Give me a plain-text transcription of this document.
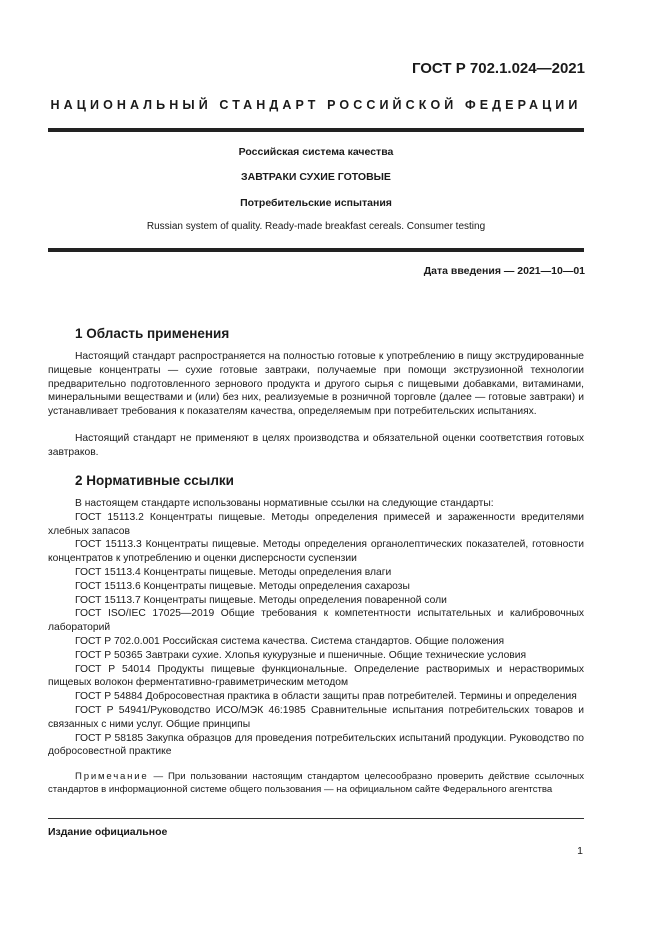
ГОСТ Р 702.1.024—2021
НАЦИОНАЛЬНЫЙ СТАНДАРТ РОССИЙСКОЙ ФЕДЕРАЦИИ
Российская система качества
ЗАВТРАКИ СУХИЕ ГОТОВЫЕ
Потребительские испытания
Russian system of quality. Ready-made breakfast cereals. Consumer testing
Дата введения — 2021—10—01
1 Область применения

Настоящий стандарт распространяется на полностью готовые к употреблению в пищу экструдированные пищевые концентраты — сухие готовые завтраки, получаемые при помощи экструзионной технологии предварительно подготовленного зернового продукта и другого сырья с пищевыми добавками, витаминами, минеральными веществами и (или) без них, реализуемые в розничной торговле (далее — готовые завтраки) и устанавливает требования к показателям качества, определяемым при потребительских испытаниях.

Настоящий стандарт не применяют в целях производства и обязательной оценки соответствия готовых завтраков.

2 Нормативные ссылки

В настоящем стандарте использованы нормативные ссылки на следующие стандарты:

ГОСТ 15113.2 Концентраты пищевые. Методы определения примесей и зараженности вредителями хлебных запасов

ГОСТ 15113.3 Концентраты пищевые. Методы определения органолептических показателей, готовности концентратов к употреблению и оценки дисперсности суспензии

ГОСТ 15113.4 Концентраты пищевые. Методы определения влаги

ГОСТ 15113.6 Концентраты пищевые. Методы определения сахарозы

ГОСТ 15113.7 Концентраты пищевые. Методы определения поваренной соли

ГОСТ ISO/IEC 17025—2019 Общие требования к компетентности испытательных и калибровочных лабораторий

ГОСТ Р 702.0.001 Российская система качества. Система стандартов. Общие положения

ГОСТ Р 50365 Завтраки сухие. Хлопья кукурузные и пшеничные. Общие технические условия

ГОСТ Р 54014 Продукты пищевые функциональные. Определение растворимых и нерастворимых пищевых волокон ферментативно-гравиметрическим методом

ГОСТ Р 54884 Добросовестная практика в области защиты прав потребителей. Термины и определения

ГОСТ Р 54941/Руководство ИСО/МЭК 46:1985 Сравнительные испытания потребительских товаров и связанных с ними услуг. Общие принципы

ГОСТ Р 58185 Закупка образцов для проведения потребительских испытаний продукции. Руководство по добросовестной практике

Примечание — При пользовании настоящим стандартом целесообразно проверить действие ссылочных стандартов в информационной системе общего пользования — на официальном сайте Федерального агентства

Издание официальное
1
